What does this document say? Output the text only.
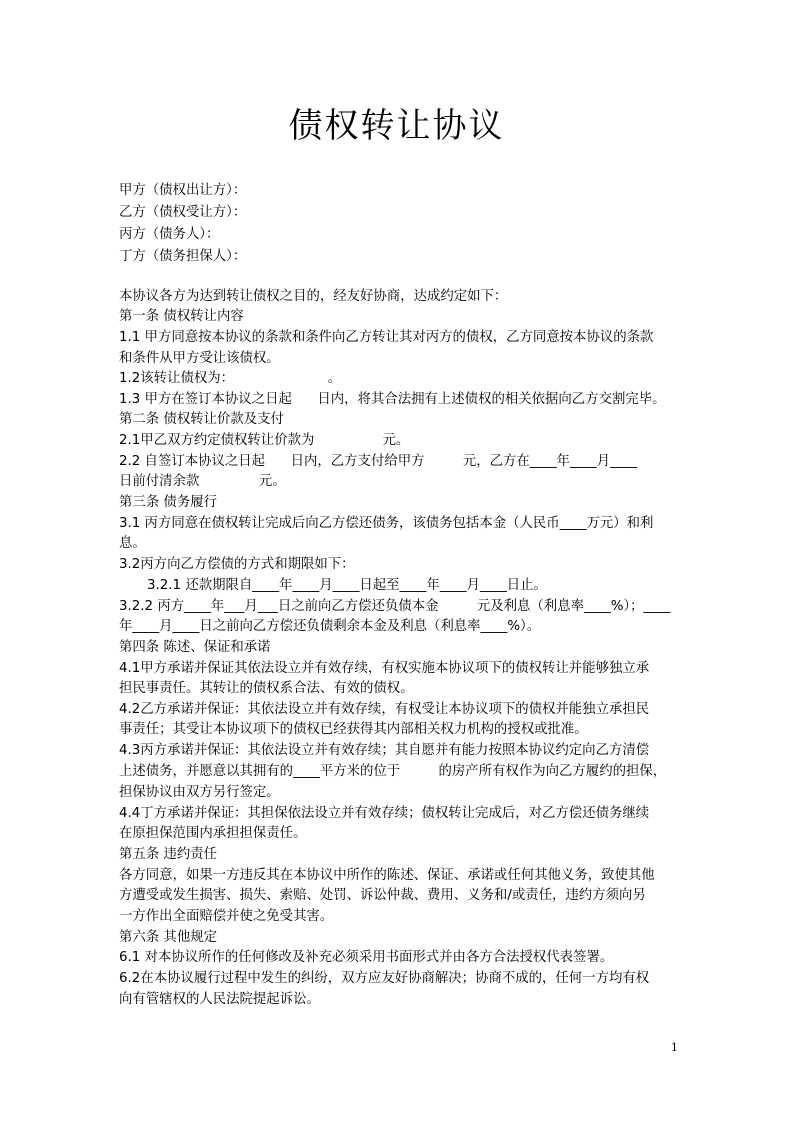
债权转让协议
甲方（债权出让方）：
乙方（债权受让方）：
丙方（债务人）：
丁方（债务担保人）：
本协议各方为达到转让债权之目的，经友好协商，达成约定如下：
第一条 债权转让内容
1.1 甲方同意按本协议的条款和条件向乙方转让其对丙方的债权，乙方同意按本协议的条款
和条件从甲方受让该债权。
1.2该转让债权为：                      。
1.3 甲方在签订本协议之日起      日内，将其合法拥有上述债权的相关依据向乙方交割完毕。
第二条 债权转让价款及支付
2.1甲乙双方约定债权转让价款为                元。
2.2 自签订本协议之日起      日内，乙方支付给甲方         元，乙方在____年____月____
日前付清余款              元。
第三条 债务履行
3.1 丙方同意在债权转让完成后向乙方偿还债务，该债务包括本金（人民币____万元）和利
息。
3.2丙方向乙方偿债的方式和期限如下：
3.2.1 还款期限自____年____月____日起至____年____月____日止。
3.2.2 丙方____年___月___日之前向乙方偿还负债本金         元及利息（利息率____%）；____
年____月____日之前向乙方偿还负债剩余本金及利息（利息率____%）。
第四条 陈述、保证和承诺
4.1甲方承诺并保证其依法设立并有效存续，有权实施本协议项下的债权转让并能够独立承
担民事责任。其转让的债权系合法、有效的债权。
4.2乙方承诺并保证：其依法设立并有效存续，有权受让本协议项下的债权并能独立承担民
事责任；其受让本协议项下的债权已经获得其内部相关权力机构的授权或批准。
4.3丙方承诺并保证：其依法设立并有效存续；其自愿并有能力按照本协议约定向乙方清偿
上述债务，并愿意以其拥有的____平方米的位于         的房产所有权作为向乙方履约的担保，
担保协议由双方另行签定。
4.4丁方承诺并保证：其担保依法设立并有效存续；债权转让完成后，对乙方偿还债务继续
在原担保范围内承担担保责任。
第五条 违约责任
各方同意，如果一方违反其在本协议中所作的陈述、保证、承诺或任何其他义务，致使其他
方遭受或发生损害、损失、索赔、处罚、诉讼仲裁、费用、义务和/或责任，违约方须向另
一方作出全面赔偿并使之免受其害。
第六条 其他规定
6.1 对本协议所作的任何修改及补充必须采用书面形式并由各方合法授权代表签署。
6.2在本协议履行过程中发生的纠纷，双方应友好协商解决；协商不成的，任何一方均有权
向有管辖权的人民法院提起诉讼。
1
